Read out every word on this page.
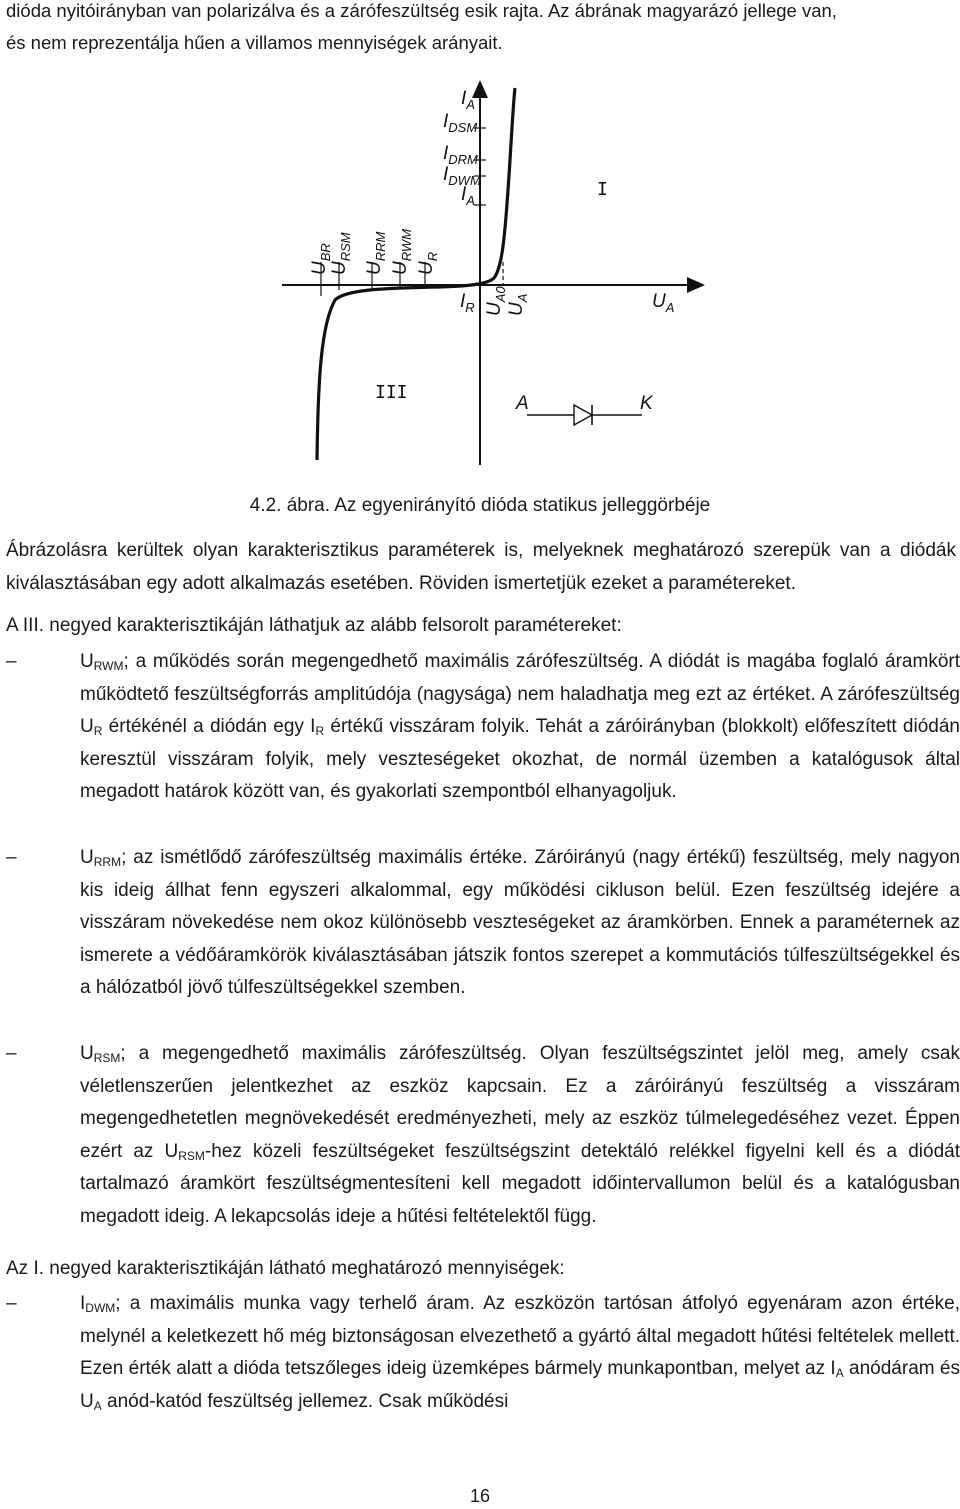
dióda nyitóirányban van polarizálva és a zárófeszültség esik rajta. Az ábrának magyarázó jellege van,
és nem reprezentálja hűen a villamos mennyiségek arányait.
$I_A$
$I_{DSM}$
$I_{DRM}$
$I_{DWM}$
$I_A$
I
III
$U_{BR}$
$U_{RSM}$
$U_{RRM}$
$U_{RWM}$
$U_R$
$I_R$ $U_{A0}$
$U_A$	$U_A$
A	K
4.2. ábra. Az egyenirányító dióda statikus jelleggörbéje
Ábrázolásra kerültek olyan karakterisztikus paraméterek is, melyeknek meghatározó szerepük van a diódák kiválasztásában egy adott alkalmazás esetében. Röviden ismertetjük ezeket a paramétereket.
A III. negyed karakterisztikáján láthatjuk az alább felsorolt paramétereket:
–	$U_{RWM}$; a működés során megengedhető maximális zárófeszültség. A diódát is magába foglaló áramkört működtető feszültségforrás amplitúdója (nagysága) nem haladhatja meg ezt az értéket. A zárófeszültség $U_R$ értékénél a diódán egy $I_R$ értékű visszáram folyik. Tehát a záróirányban (blokkolt) előfeszített diódán keresztül visszáram folyik, mely veszteségeket okozhat, de normál üzemben a katalógusok által megadott határok között van, és gyakorlati szempontból elhanyagoljuk.
–	$U_{RRM}$; az ismétlődő zárófeszültség maximális értéke. Záróirányú (nagy értékű) feszültség, mely nagyon kis ideig állhat fenn egyszeri alkalommal, egy működési cikluson belül. Ezen feszültség idejére a visszáram növekedése nem okoz különösebb veszteségeket az áramkörben. Ennek a paraméternek az ismerete a védőáramkörök kiválasztásában játszik fontos szerepet a kommutációs túlfeszültségekkel és a hálózatból jövő túlfeszültségekkel szemben.
–	$U_{RSM}$; a megengedhető maximális zárófeszültség. Olyan feszültségszintet jelöl meg, amely csak véletlenszerűen jelentkezhet az eszköz kapcsain. Ez a záróirányú feszültség a visszáram megengedhetetlen megnövekedését eredményezheti, mely az eszköz túlmelegedéséhez vezet. Éppen ezért az $U_{RSM}$-hez közeli feszültségeket feszültségszint detektáló relékkel figyelni kell és a diódát tartalmazó áramkört feszültségmentesíteni kell megadott időintervallumon belül és a katalógusban megadott ideig. A lekapcsolás ideje a hűtési feltételektől függ.
Az I. negyed karakterisztikáján látható meghatározó mennyiségek:
–	$I_{DWM}$; a maximális munka vagy terhelő áram. Az eszközön tartósan átfolyó egyenáram azon értéke, melynél a keletkezett hő még biztonságosan elvezethető a gyártó által megadott hűtési feltételek mellett. Ezen érték alatt a dióda tetszőleges ideig üzemképes bármely munkapontban, melyet az $I_A$ anódáram és $U_A$ anód-katód feszültség jellemez. Csak működési
16
